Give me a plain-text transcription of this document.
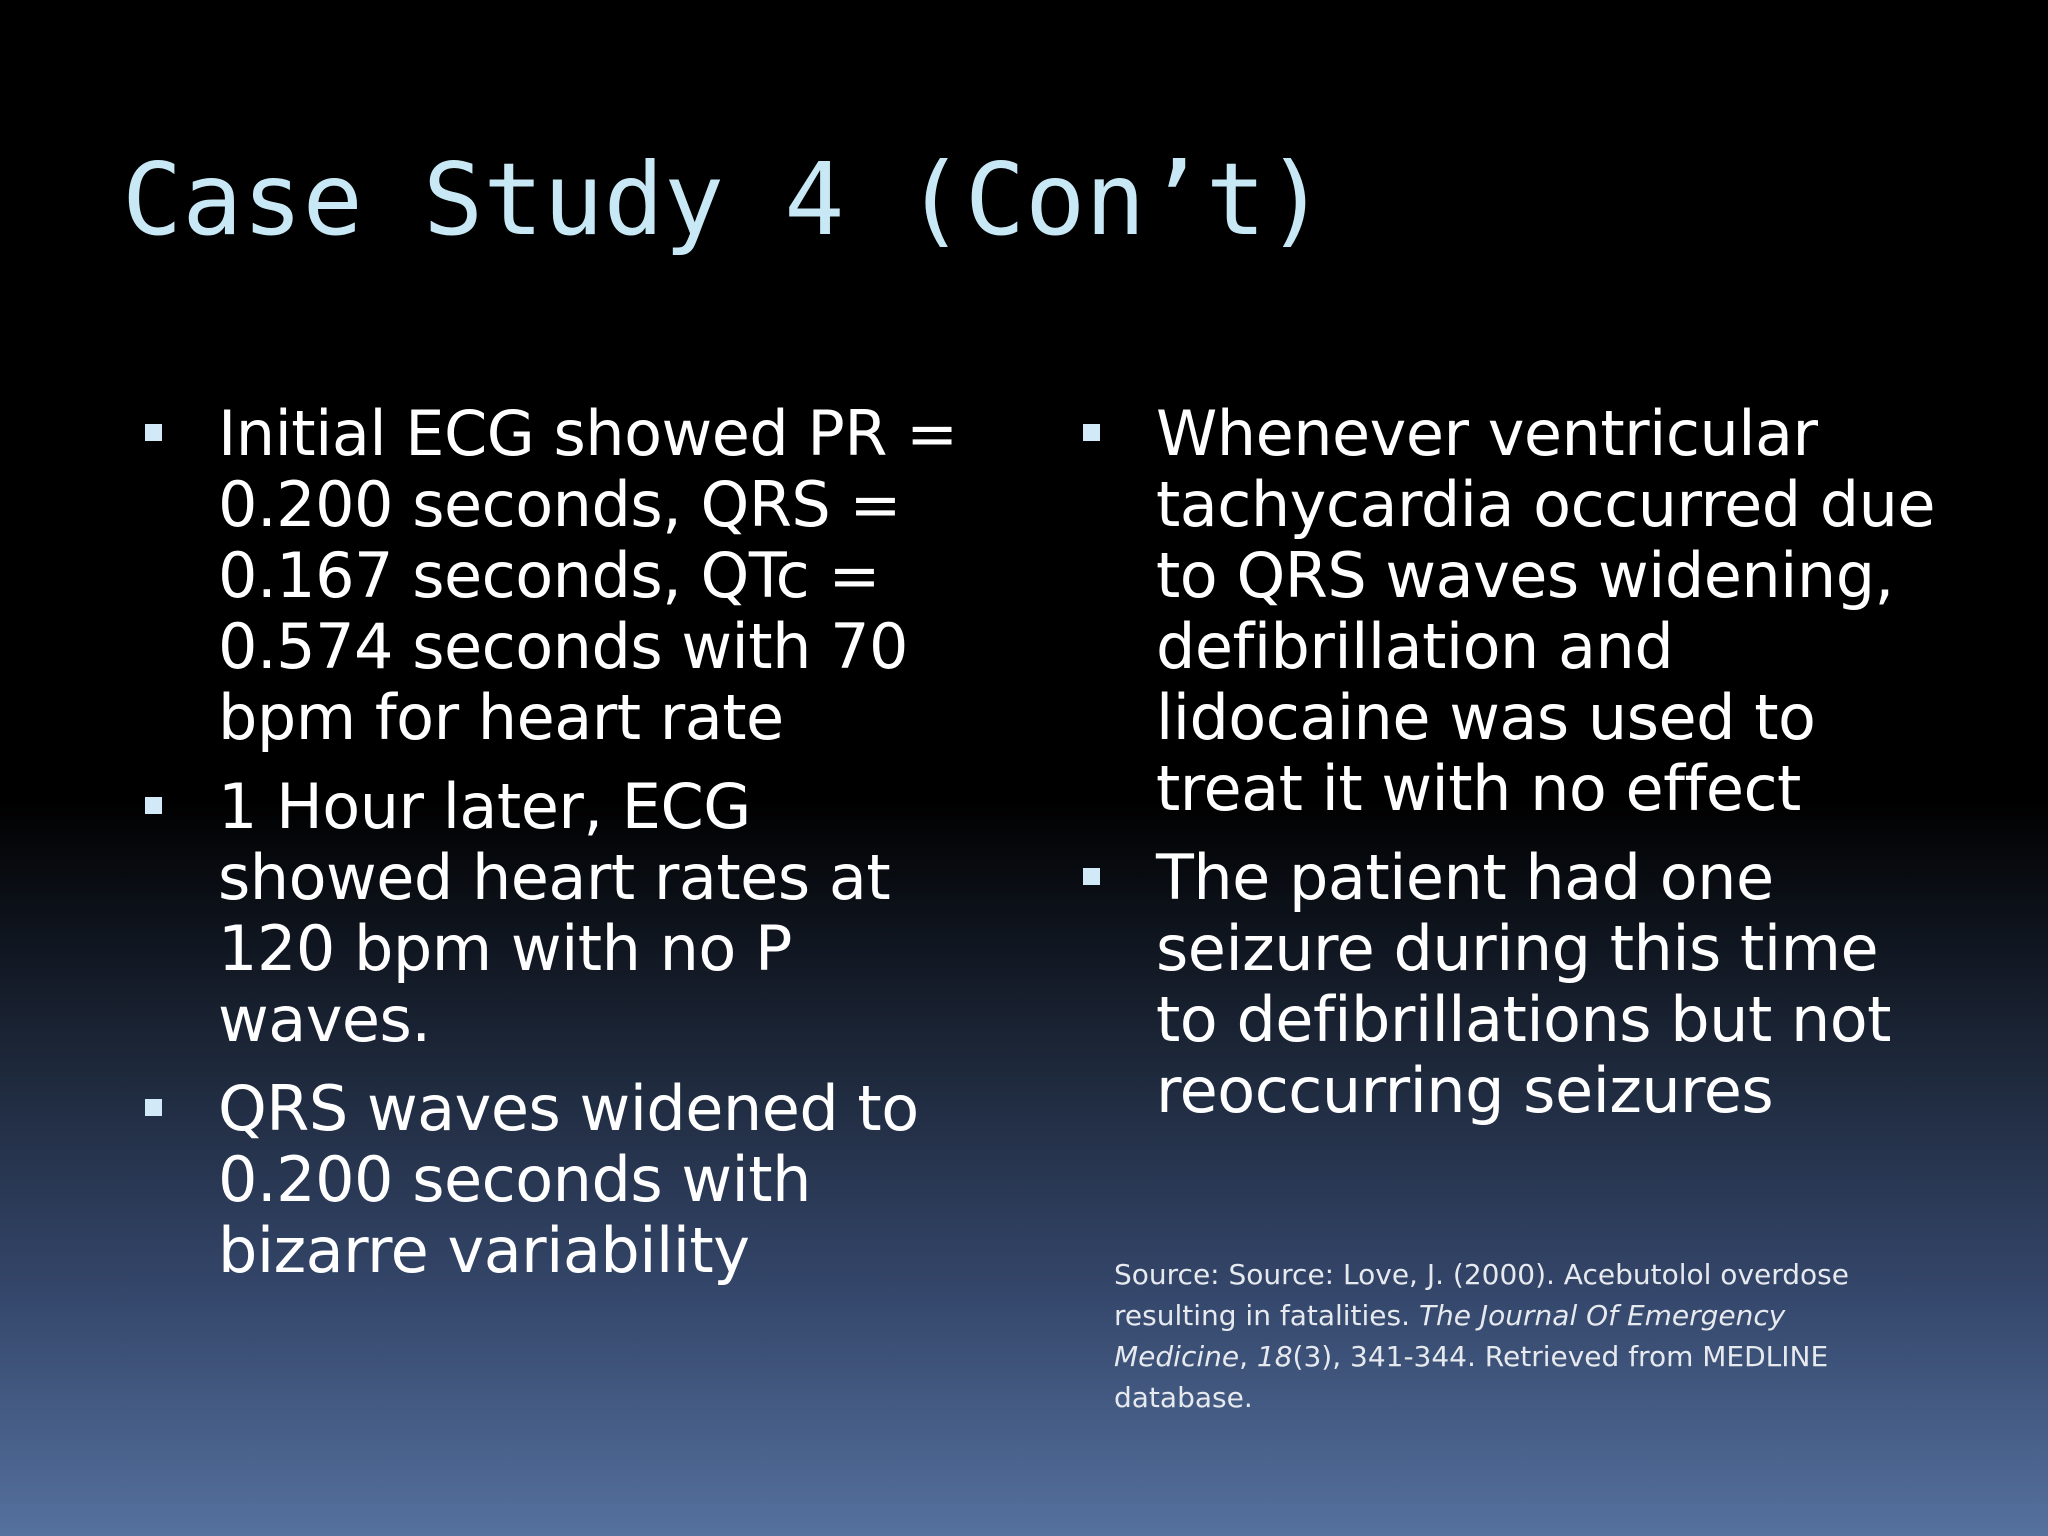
Case Study 4 (Con’t)
Initial ECG showed PR = 0.200 seconds, QRS = 0.167 seconds, QTc = 0.574 seconds with 70 bpm for heart rate
1 Hour later, ECG showed heart rates at 120 bpm with no P waves.
QRS waves widened to 0.200 seconds with bizarre variability
Whenever ventricular tachycardia occurred due to QRS waves widening, defibrillation and lidocaine was used to treat it with no effect
The patient had one seizure during this time to defibrillations but not reoccurring seizures

Source: Source: Love, J. (2000). Acebutolol overdose resulting in fatalities. The Journal Of Emergency Medicine, 18(3), 341-344. Retrieved from MEDLINE database.
